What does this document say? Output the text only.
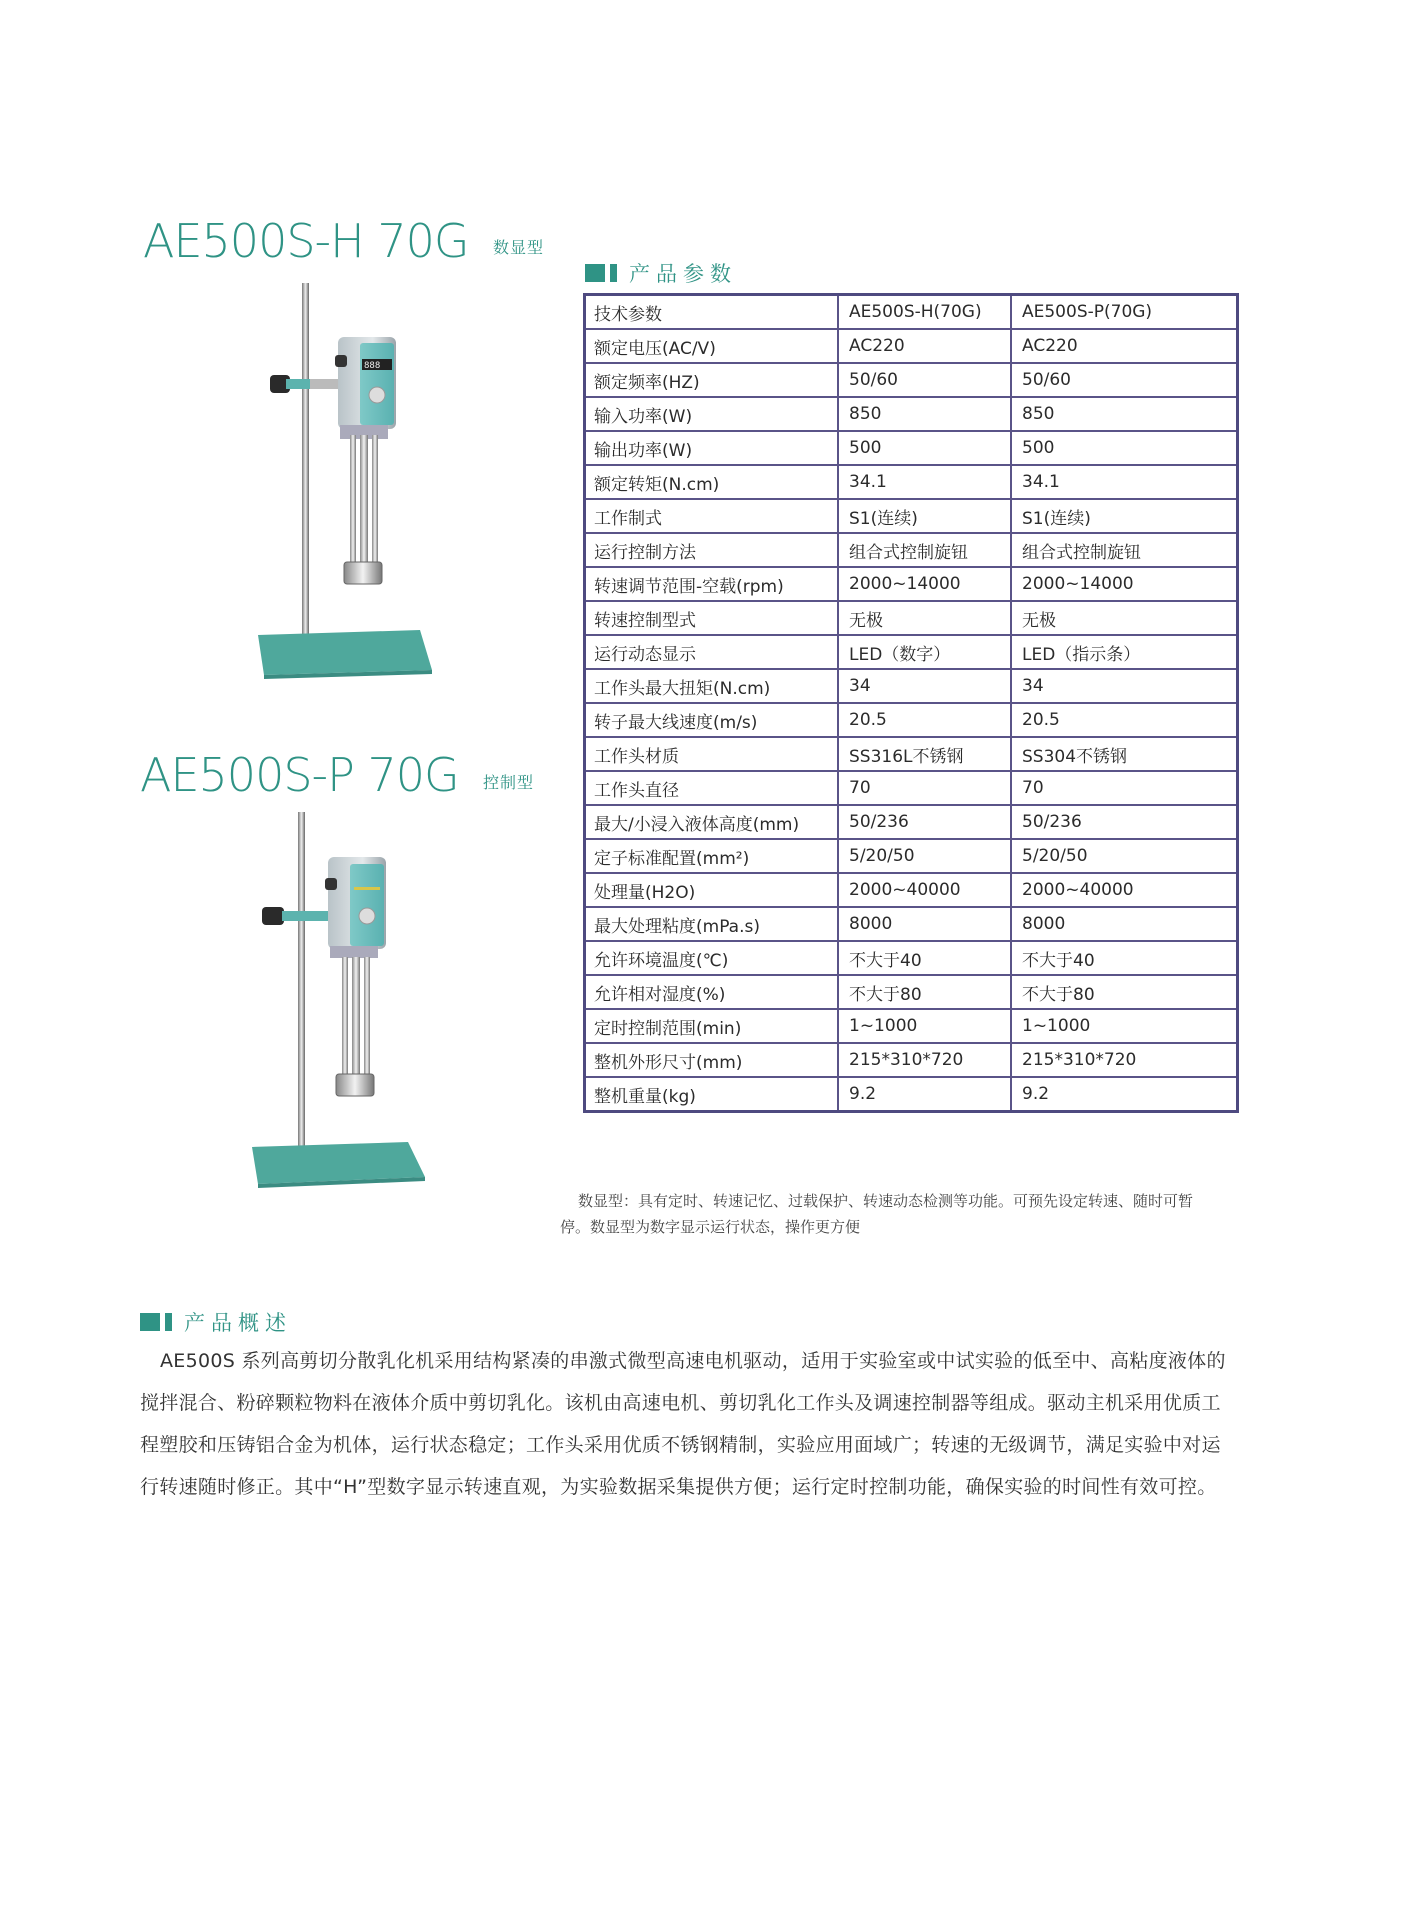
AE500S-H 70G 数显型
888
产品参数
技术参数	AE500S-H(70G)	AE500S-P(70G)
额定电压(AC/V)	AC220	AC220
额定频率(HZ)	50/60	50/60
输入功率(W)	850	850
输出功率(W)	500	500
额定转矩(N.cm)	34.1	34.1
工作制式	S1(连续)	S1(连续)
运行控制方法	组合式控制旋钮	组合式控制旋钮
转速调节范围-空载(rpm)	2000~14000	2000~14000
转速控制型式	无极	无极
运行动态显示	LED（数字）	LED（指示条）
工作头最大扭矩(N.cm)	34	34
转子最大线速度(m/s)	20.5	20.5
工作头材质	SS316L不锈钢	SS304不锈钢
工作头直径	70	70
最大/小浸入液体高度(mm)	50/236	50/236
定子标准配置(mm²)	5/20/50	5/20/50
处理量(H2O)	2000~40000	2000~40000
最大处理粘度(mPa.s)	8000	8000
允许环境温度(℃)	不大于40	不大于40
允许相对湿度(%)	不大于80	不大于80
定时控制范围(min)	1~1000	1~1000
整机外形尺寸(mm)	215*310*720	215*310*720
整机重量(kg)	9.2	9.2
数显型：具有定时、转速记忆、过载保护、转速动态检测等功能。可预先设定转速、随时可暂停。数显型为数字显示运行状态，操作更方便
AE500S-P 70G 控制型
产品概述
AE500S 系列高剪切分散乳化机采用结构紧凑的串激式微型高速电机驱动，适用于实验室或中试实验的低至中、高粘度液体的搅拌混合、粉碎颗粒物料在液体介质中剪切乳化。该机由高速电机、剪切乳化工作头及调速控制器等组成。驱动主机采用优质工程塑胶和压铸铝合金为机体，运行状态稳定；工作头采用优质不锈钢精制，实验应用面域广；转速的无级调节，满足实验中对运行转速随时修正。其中“H”型数字显示转速直观，为实验数据采集提供方便；运行定时控制功能，确保实验的时间性有效可控。
